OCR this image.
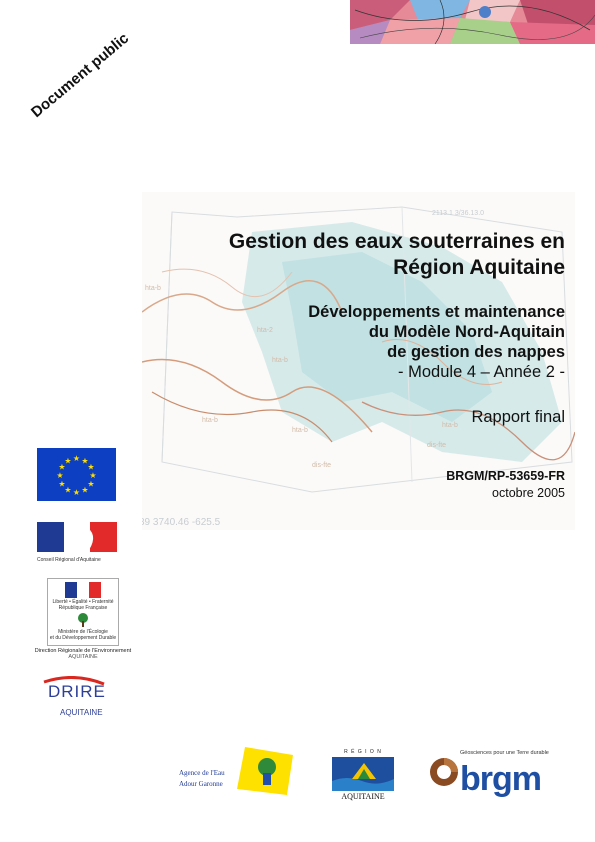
Document public
89 3740.46 -625.5
2113.1 3/36.13.0
hta-b
hta-2
hta-b
hta-b
hta-b
dis-fte
hta-b
dis-fte
Gestion des eaux souterraines en
Région Aquitaine
Développements et maintenance
du Modèle Nord-Aquitain
de gestion des nappes
- Module 4 – Année 2 -
Rapport final
BRGM/RP-53659-FR
octobre 2005
★ ★
★
★
★
★
★
★
★
★
★
★
Conseil Régional d'Aquitaine
Liberté • Égalité • Fraternité
République Française
Ministère de l'Écologie
et du Développement Durable
Direction Régionale de l'Environnement
AQUITAINE
DRIRE
AQUITAINE
Agence de l'Eau
Adour Garonne
R É G I O N
AQUITAINE
Géosciences pour une Terre durable
brgm
